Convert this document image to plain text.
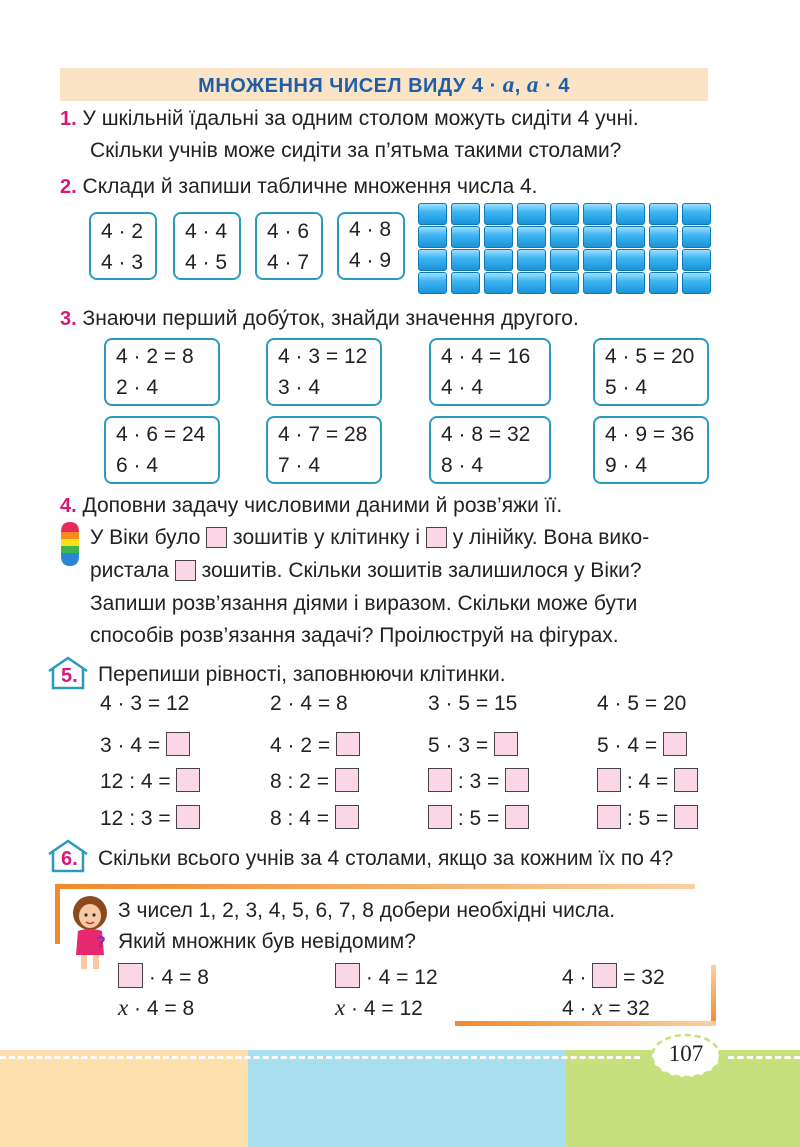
МНОЖЕННЯ ЧИСЕЛ ВИДУ 4 · a, a · 4
1. У шкільній їдальні за одним столом можуть сидіти 4 учні.
Скільки учнів може сидіти за п’ятьма такими столами?
2. Склади й запиши табличне множення числа 4.
4 · 2
4 · 3
4 · 4
4 · 5
4 · 6
4 · 7
4 · 8
4 · 9
3. Знаючи перший добу́ток, знайди значення другого.
4 · 2 = 8
2 · 4
4 · 3 = 12
3 · 4
4 · 4 = 16
4 · 4
4 · 5 = 20
5 · 4
4 · 6 = 24
6 · 4
4 · 7 = 28
7 · 4
4 · 8 = 32
8 · 4
4 · 9 = 36
9 · 4
4. Доповни задачу числовими даними й розв’яжи її.
У Віки було  зошитів у клітинку і  у лінійку. Вона вико-
ристала  зошитів. Скільки зошитів залишилося у Віки?
Запиши розв’язання діями і виразом. Скільки може бути
способів розв’язання задачі? Проілюструй на фігурах.
5. Перепиши рівності, заповнюючи клітинки.
4 · 3 = 12	2 · 4 = 8	3 · 5 = 15	4 · 5 = 20
3 · 4 =	4 · 2 =	5 · 3 =	5 · 4 =
12 : 4 =	8 : 2 =	: 3 =	: 4 =
12 : 3 =	8 : 4 =	: 5 =	: 5 =
6. Скільки всього учнів за 4 столами, якщо за кожним їх по 4?
?
З чисел 1, 2, 3, 4, 5, 6, 7, 8 добери необхідні числа.
Який множник був невідомим?
· 4 = 8	· 4 = 12	4 ·  = 32
x · 4 = 8	x · 4 = 12	4 · x = 32
107
